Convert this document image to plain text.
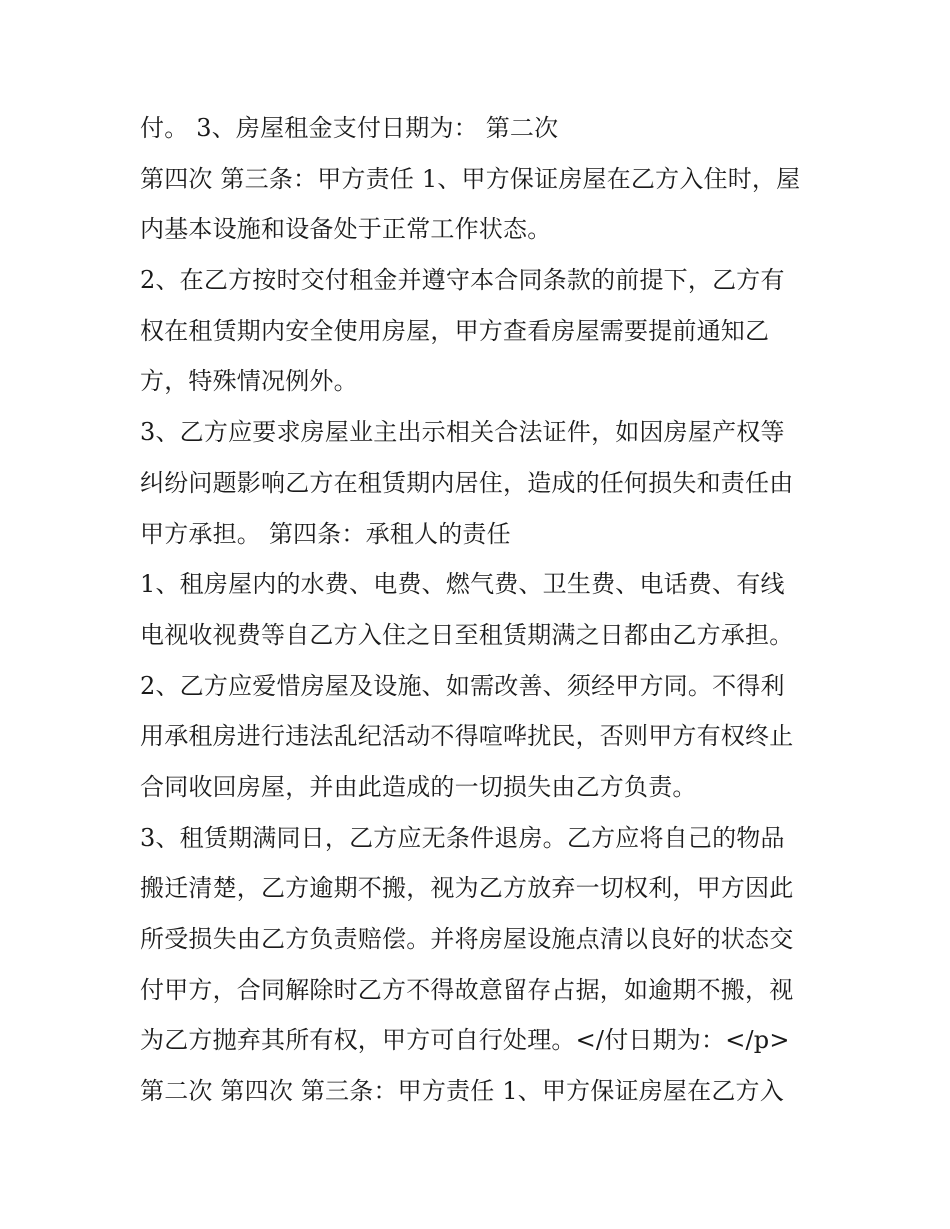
付。 3、房屋租金支付日期为： 第二次
第四次 第三条：甲方责任 1、甲方保证房屋在乙方入住时，屋
内基本设施和设备处于正常工作状态。
2、在乙方按时交付租金并遵守本合同条款的前提下，乙方有
权在租赁期内安全使用房屋，甲方查看房屋需要提前通知乙
方，特殊情况例外。
3、乙方应要求房屋业主出示相关合法证件，如因房屋产权等
纠纷问题影响乙方在租赁期内居住，造成的任何损失和责任由
甲方承担。 第四条：承租人的责任
1、租房屋内的水费、电费、燃气费、卫生费、电话费、有线
电视收视费等自乙方入住之日至租赁期满之日都由乙方承担。
2、乙方应爱惜房屋及设施、如需改善、须经甲方同。不得利
用承租房进行违法乱纪活动不得喧哗扰民，否则甲方有权终止
合同收回房屋，并由此造成的一切损失由乙方负责。
3、租赁期满同日，乙方应无条件退房。乙方应将自己的物品
搬迁清楚，乙方逾期不搬，视为乙方放弃一切权利，甲方因此
所受损失由乙方负责赔偿。并将房屋设施点清以良好的状态交
付甲方，合同解除时乙方不得故意留存占据，如逾期不搬，视
为乙方抛弃其所有权，甲方可自行处理。</付日期为：</p>
第二次 第四次 第三条：甲方责任 1、甲方保证房屋在乙方入
